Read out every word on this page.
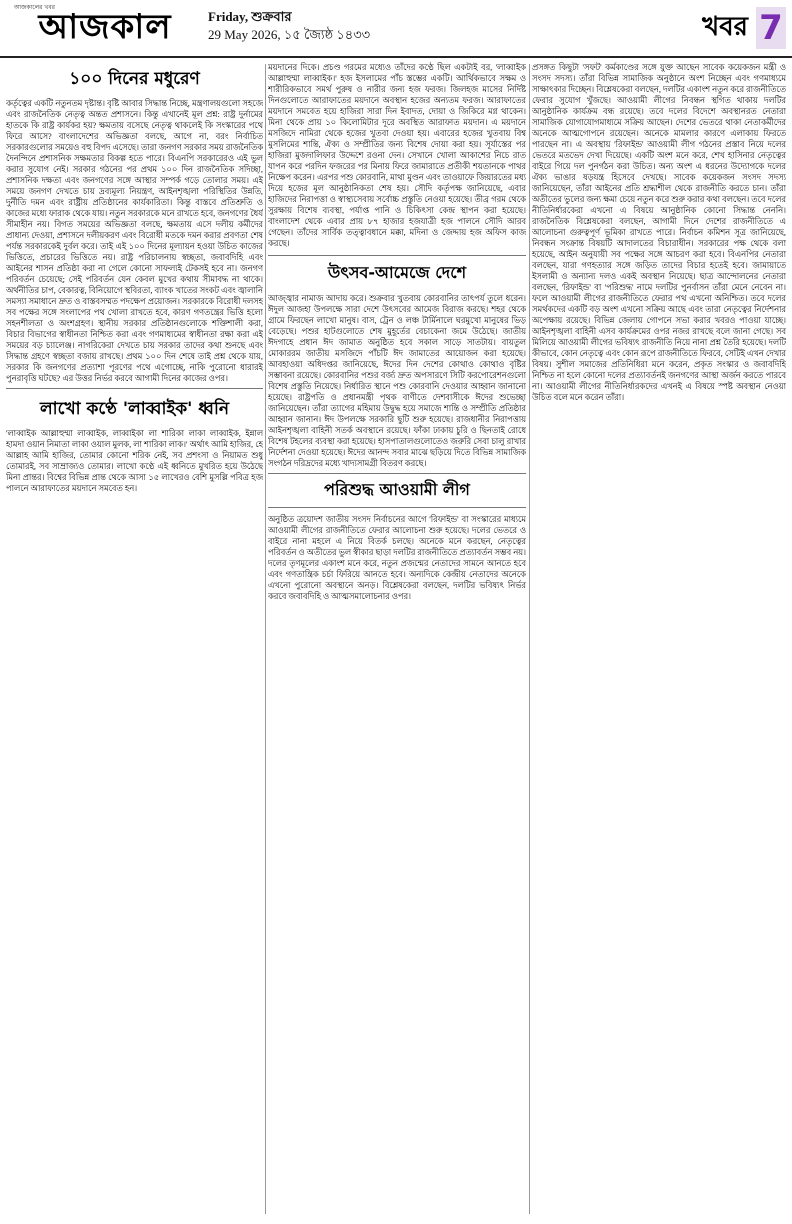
আজকালের খবর
আজকাল	Friday, শুক্রবার
29 May 2026, ১৫ জ্যৈষ্ঠ ১৪৩৩	খবর 7
১০০ দিনের মধুরেণ

কর্তৃত্বের একটি নতুনতম দৃষ্টান্ত। বৃষ্টি আবার সিদ্ধান্ত নিচ্ছে, মন্ত্রণালয়গুলো সহজে এবং রাজনৈতিক নেতৃত্ব অন্তত প্রশাসনে। কিন্তু এখানেই মূল প্রশ্ন: রাষ্ট্র দুর্নামের হাতকে কি রাষ্ট্র কার্যকর হয়? ক্ষমতায় বসেছে নেতৃত্ব থাকলেই কি সংস্কারের পথে ফিরে আসে? বাংলাদেশের অভিজ্ঞতা বলছে, আগে না, বরং নির্বাচিত সরকারগুলোর সময়েও বহু বিপদ এসেছে। তারা জনগণ সরকার সময় রাজনৈতিক দৈনন্দিনে প্রশাসনিক সক্ষমতার বিকল্প হতে পারে। বিএনপি সরকারেরও এই ভুল করার সুযোগ নেই। সরকার গঠনের পর প্রথম ১০০ দিন রাজনৈতিক সদিচ্ছা, প্রশাসনিক দক্ষতা এবং জনগণের সঙ্গে আস্থার সম্পর্ক গড়ে তোলার সময়। এই সময়ে জনগণ দেখতে চায় দ্রব্যমূল্য নিয়ন্ত্রণ, আইনশৃঙ্খলা পরিস্থিতির উন্নতি, দুর্নীতি দমন এবং রাষ্ট্রীয় প্রতিষ্ঠানের কার্যকারিতা। কিন্তু বাস্তবে প্রতিশ্রুতি ও কাজের মধ্যে ফারাক থেকে যায়। নতুন সরকারকে মনে রাখতে হবে, জনগণের ধৈর্য সীমাহীন নয়। বিগত সময়ের অভিজ্ঞতা বলছে, ক্ষমতায় এসে দলীয় কর্মীদের প্রাধান্য দেওয়া, প্রশাসনে দলীয়করণ এবং বিরোধী মতকে দমন করার প্রবণতা শেষ পর্যন্ত সরকারকেই দুর্বল করে। তাই এই ১০০ দিনের মূল্যায়ন হওয়া উচিত কাজের ভিত্তিতে, প্রচারের ভিত্তিতে নয়। রাষ্ট্র পরিচালনায় স্বচ্ছতা, জবাবদিহি এবং আইনের শাসন প্রতিষ্ঠা করা না গেলে কোনো সাফল্যই টেকসই হবে না। জনগণ পরিবর্তন চেয়েছে; সেই পরিবর্তন যেন কেবল মুখের কথায় সীমাবদ্ধ না থাকে। অর্থনীতির চাপ, বেকারত্ব, বিনিয়োগে স্থবিরতা, ব্যাংক খাতের সংকট এবং জ্বালানি সমস্যা সমাধানে দ্রুত ও বাস্তবসম্মত পদক্ষেপ প্রয়োজন। সরকারকে বিরোধী দলসহ সব পক্ষের সঙ্গে সংলাপের পথ খোলা রাখতে হবে, কারণ গণতন্ত্রের ভিত্তি হলো সহনশীলতা ও অংশগ্রহণ। স্থানীয় সরকার প্রতিষ্ঠানগুলোকে শক্তিশালী করা, বিচার বিভাগের স্বাধীনতা নিশ্চিত করা এবং গণমাধ্যমের স্বাধীনতা রক্ষা করা এই সময়ের বড় চ্যালেঞ্জ। নাগরিকেরা দেখতে চায় সরকার তাদের কথা শুনছে এবং সিদ্ধান্ত গ্রহণে স্বচ্ছতা বজায় রাখছে। প্রথম ১০০ দিন শেষে তাই প্রশ্ন থেকে যায়, সরকার কি জনগণের প্রত্যাশা পূরণের পথে এগোচ্ছে, নাকি পুরোনো ধারারই পুনরাবৃত্তি ঘটছে? এর উত্তর নির্ভর করবে আগামী দিনের কাজের ওপর।

লাখো কণ্ঠে 'লাব্বাইক' ধ্বনি

'লাব্বাইক আল্লাহুম্মা লাব্বাইক, লাব্বাইকা লা শারিকা লাকা লাব্বাইক, ইন্নাল হামদা ওয়ান নিমাতা লাকা ওয়াল মুলক, লা শারিকা লাক।' অর্থাৎ আমি হাজির, হে আল্লাহ আমি হাজির, তোমার কোনো শরিক নেই, সব প্রশংসা ও নিয়ামত শুধু তোমারই, সব সাম্রাজ্যও তোমার। লাখো কণ্ঠে এই ধ্বনিতে মুখরিত হয়ে উঠেছে মিনা প্রান্তর। বিশ্বের বিভিন্ন প্রান্ত থেকে আসা ১৫ লাখেরও বেশি মুসল্লি পবিত্র হজ পালনে আরাফাতের ময়দানে সমবেত হন।

ময়দানের দিকে। প্রচণ্ড গরমের মধ্যেও তাঁদের কণ্ঠে ছিল একটাই বর, 'লাব্বাইক আল্লাহুম্মা লাব্বাইক।' হজ ইসলামের পাঁচ স্তম্ভের একটি। আর্থিকভাবে সক্ষম ও শারীরিকভাবে সমর্থ পুরুষ ও নারীর জন্য হজ ফরজ। জিলহজ মাসের নির্দিষ্ট দিনগুলোতে আরাফাতের ময়দানে অবস্থান হজের অন্যতম ফরজ। আরাফাতের ময়দানে সমবেত হয়ে হাজিরা সারা দিন ইবাদত, দোয়া ও জিকিরে মগ্ন থাকেন। মিনা থেকে প্রায় ১০ কিলোমিটার দূরে অবস্থিত আরাফাত ময়দান। এ ময়দানে মসজিদে নামিরা থেকে হজের খুতবা দেওয়া হয়। এবারের হজের খুতবায় বিশ্ব মুসলিমের শান্তি, ঐক্য ও সম্প্রীতির জন্য বিশেষ দোয়া করা হয়। সূর্যাস্তের পর হাজিরা মুজদালিফার উদ্দেশে রওনা দেন। সেখানে খোলা আকাশের নিচে রাত যাপন করে পরদিন ফজরের পর মিনায় ফিরে জামারাতে প্রতীকী শয়তানকে পাথর নিক্ষেপ করেন। এরপর পশু কোরবানি, মাথা মুণ্ডন এবং তাওয়াফে জিয়ারতের মধ্য দিয়ে হজের মূল আনুষ্ঠানিকতা শেষ হয়। সৌদি কর্তৃপক্ষ জানিয়েছে, এবার হাজিদের নিরাপত্তা ও স্বাস্থ্যসেবায় সর্বোচ্চ প্রস্তুতি নেওয়া হয়েছে। তীব্র গরম থেকে সুরক্ষায় বিশেষ ব্যবস্থা, পর্যাপ্ত পানি ও চিকিৎসা কেন্দ্র স্থাপন করা হয়েছে। বাংলাদেশ থেকে এবার প্রায় ৮৭ হাজার হজযাত্রী হজ পালনে সৌদি আরব গেছেন। তাঁদের সার্বিক তত্ত্বাবধানে মক্কা, মদিনা ও জেদ্দায় হজ অফিস কাজ করছে।

উৎসব-আমেজে দেশে

আজ্জ্বার নামাজ আদায় করে। শুক্রবার খুতবায় কোরবানির তাৎপর্য তুলে ধরেন। ঈদুল আজহা উপলক্ষে সারা দেশে উৎসবের আমেজ বিরাজ করছে। শহর থেকে গ্রামে ফিরছেন লাখো মানুষ। বাস, ট্রেন ও লঞ্চ টার্মিনালে ঘরমুখো মানুষের ভিড় বেড়েছে। পশুর হাটগুলোতে শেষ মুহূর্তের বেচাকেনা জমে উঠেছে। জাতীয় ঈদগাহে প্রধান ঈদ জামাত অনুষ্ঠিত হবে সকাল সাড়ে সাতটায়। বায়তুল মোকাররম জাতীয় মসজিদে পাঁচটি ঈদ জামাতের আয়োজন করা হয়েছে। আবহাওয়া অধিদপ্তর জানিয়েছে, ঈদের দিন দেশের কোথাও কোথাও বৃষ্টির সম্ভাবনা রয়েছে। কোরবানির পশুর বর্জ্য দ্রুত অপসারণে সিটি করপোরেশনগুলো বিশেষ প্রস্তুতি নিয়েছে। নির্ধারিত স্থানে পশু কোরবানি দেওয়ার আহ্বান জানানো হয়েছে। রাষ্ট্রপতি ও প্রধানমন্ত্রী পৃথক বাণীতে দেশবাসীকে ঈদের শুভেচ্ছা জানিয়েছেন। তাঁরা ত্যাগের মহিমায় উদ্বুদ্ধ হয়ে সমাজে শান্তি ও সম্প্রীতি প্রতিষ্ঠার আহ্বান জানান। ঈদ উপলক্ষে সরকারি ছুটি শুরু হয়েছে। রাজধানীর নিরাপত্তায় আইনশৃঙ্খলা বাহিনী সতর্ক অবস্থানে রয়েছে। ফাঁকা ঢাকায় চুরি ও ছিনতাই রোধে বিশেষ টহলের ব্যবস্থা করা হয়েছে। হাসপাতালগুলোতেও জরুরি সেবা চালু রাখার নির্দেশনা দেওয়া হয়েছে। ঈদের আনন্দ সবার মাঝে ছড়িয়ে দিতে বিভিন্ন সামাজিক সংগঠন দরিদ্রদের মধ্যে খাদ্যসামগ্রী বিতরণ করছে।

পরিশুদ্ধ আওয়ামী লীগ

অনুষ্ঠিত ত্রয়োদশ জাতীয় সংসদ নির্বাচনের আগে 'রিফাইন্ড' বা সংস্কারের মাধ্যমে আওয়ামী লীগের রাজনীতিতে ফেরার আলোচনা শুরু হয়েছে। দলের ভেতরে ও বাইরে নানা মহলে এ নিয়ে বিতর্ক চলছে। অনেকে মনে করছেন, নেতৃত্বের পরিবর্তন ও অতীতের ভুল স্বীকার ছাড়া দলটির রাজনীতিতে প্রত্যাবর্তন সম্ভব নয়। দলের তৃণমূলের একাংশ মনে করে, নতুন প্রজন্মের নেতাদের সামনে আনতে হবে এবং গণতান্ত্রিক চর্চা ফিরিয়ে আনতে হবে। অন্যদিকে কেন্দ্রীয় নেতাদের অনেকে এখনো পুরোনো অবস্থানে অনড়। বিশ্লেষকেরা বলছেন, দলটির ভবিষ্যৎ নির্ভর করবে জবাবদিহি ও আত্মসমালোচনার ওপর।

প্রসঙ্গত কিছুটা 'সফট' কর্মকাণ্ডের সঙ্গে যুক্ত আছেন সাবেক কয়েকজন মন্ত্রী ও সংসদ সদস্য। তাঁরা বিভিন্ন সামাজিক অনুষ্ঠানে অংশ নিচ্ছেন এবং গণমাধ্যমে সাক্ষাৎকার দিচ্ছেন। বিশ্লেষকেরা বলছেন, দলটির একাংশ নতুন করে রাজনীতিতে ফেরার সুযোগ খুঁজছে। আওয়ামী লীগের নিবন্ধন স্থগিত থাকায় দলটির আনুষ্ঠানিক কার্যক্রম বন্ধ রয়েছে। তবে দলের বিদেশে অবস্থানরত নেতারা সামাজিক যোগাযোগমাধ্যমে সক্রিয় আছেন। দেশের ভেতরে থাকা নেতাকর্মীদের অনেকে আত্মগোপনে রয়েছেন। অনেকে মামলার কারণে এলাকায় ফিরতে পারছেন না। এ অবস্থায় 'রিফাইন্ড' আওয়ামী লীগ গঠনের প্রস্তাব নিয়ে দলের ভেতরে মতভেদ দেখা দিয়েছে। একটি অংশ মনে করে, শেখ হাসিনার নেতৃত্বের বাইরে গিয়ে দল পুনর্গঠন করা উচিত। অন্য অংশ এ ধরনের উদ্যোগকে দলের ঐক্য ভাঙার ষড়যন্ত্র হিসেবে দেখছে। সাবেক কয়েকজন সংসদ সদস্য জানিয়েছেন, তাঁরা আইনের প্রতি শ্রদ্ধাশীল থেকে রাজনীতি করতে চান। তাঁরা অতীতের ভুলের জন্য ক্ষমা চেয়ে নতুন করে শুরু করার কথা বলছেন। তবে দলের নীতিনির্ধারকেরা এখনো এ বিষয়ে আনুষ্ঠানিক কোনো সিদ্ধান্ত নেননি। রাজনৈতিক বিশ্লেষকেরা বলছেন, আগামী দিনে দেশের রাজনীতিতে এ আলোচনা গুরুত্বপূর্ণ ভূমিকা রাখতে পারে। নির্বাচন কমিশন সূত্র জানিয়েছে, নিবন্ধন সংক্রান্ত বিষয়টি আদালতের বিচারাধীন। সরকারের পক্ষ থেকে বলা হয়েছে, আইন অনুযায়ী সব পক্ষের সঙ্গে আচরণ করা হবে। বিএনপির নেতারা বলছেন, যারা গণহত্যার সঙ্গে জড়িত তাদের বিচার হতেই হবে। জামায়াতে ইসলামী ও অন্যান্য দলও একই অবস্থান নিয়েছে। ছাত্র আন্দোলনের নেতারা বলছেন, 'রিফাইন্ড' বা 'পরিশুদ্ধ' নামে দলটির পুনর্বাসন তাঁরা মেনে নেবেন না। ফলে আওয়ামী লীগের রাজনীতিতে ফেরার পথ এখনো অনিশ্চিত। তবে দলের সমর্থকদের একটি বড় অংশ এখনো সক্রিয় আছে এবং তারা নেতৃত্বের নির্দেশনার অপেক্ষায় রয়েছে। বিভিন্ন জেলায় গোপনে সভা করার খবরও পাওয়া যাচ্ছে। আইনশৃঙ্খলা বাহিনী এসব কার্যক্রমের ওপর নজর রাখছে বলে জানা গেছে। সব মিলিয়ে আওয়ামী লীগের ভবিষ্যৎ রাজনীতি নিয়ে নানা প্রশ্ন তৈরি হয়েছে। দলটি কীভাবে, কোন নেতৃত্বে এবং কোন রূপে রাজনীতিতে ফিরবে, সেটিই এখন দেখার বিষয়। সুশীল সমাজের প্রতিনিধিরা মনে করেন, প্রকৃত সংস্কার ও জবাবদিহি নিশ্চিত না হলে কোনো দলের প্রত্যাবর্তনই জনগণের আস্থা অর্জন করতে পারবে না। আওয়ামী লীগের নীতিনির্ধারকদের এখনই এ বিষয়ে স্পষ্ট অবস্থান নেওয়া উচিত বলে মনে করেন তাঁরা।
